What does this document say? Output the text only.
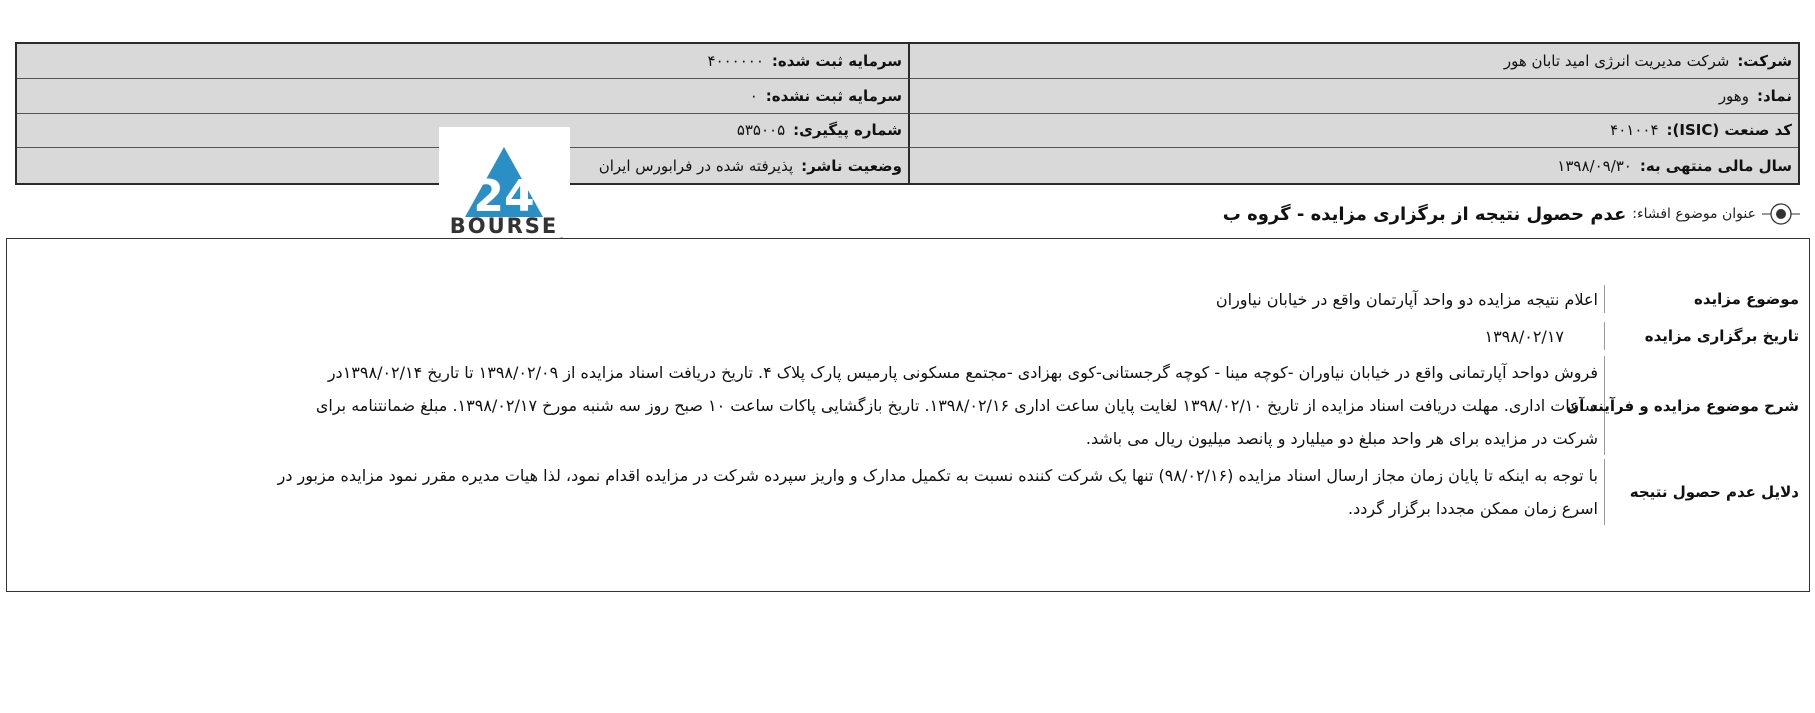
شرکت:
شرکت مدیریت انرژی امید تابان هور
سرمایه ثبت شده:
۴۰۰۰۰۰۰
نماد:
وهور
سرمایه ثبت نشده:
۰
کد صنعت (ISIC):
۴۰۱۰۰۴
شماره پیگیری:
۵۳۵۰۰۵
سال مالی منتهی به:
۱۳۹۸/۰۹/۳۰
وضعیت ناشر:
پذیرفته شده در فرابورس ایران
24
BOURSE	عنوان موضوع افشاء:
عدم حصول نتیجه از برگزاری مزایده - گروه ب
موضوع مزایده
اعلام نتیجه مزایده دو واحد آپارتمان واقع در خیابان نیاوران
تاریخ برگزاری مزایده
۱۳۹۸/۰۲/۱۷
شرح موضوع مزایده و فرآیند آن
فروش دواحد آپارتمانی واقع در خیابان نیاوران -کوچه مینا - کوچه گرجستانی-کوی بهزادی -مجتمع مسکونی پارمیس پارک پلاک ۴. تاریخ دریافت اسناد مزایده از ۱۳۹۸/۰۲/۰۹ تا تاریخ ۱۳۹۸/۰۲/۱۴در
ساعات اداری. مهلت دریافت اسناد مزایده از تاریخ ۱۳۹۸/۰۲/۱۰ لغایت پایان ساعت اداری ۱۳۹۸/۰۲/۱۶. تاریخ بازگشایی پاکات ساعت ۱۰ صبح روز سه شنبه مورخ ۱۳۹۸/۰۲/۱۷. مبلغ ضمانتنامه برای
شرکت در مزایده برای هر واحد مبلغ دو میلیارد و پانصد میلیون ریال می باشد.
دلایل عدم حصول نتیجه
با توجه به اینکه تا پایان زمان مجاز ارسال اسناد مزایده (۹۸/۰۲/۱۶) تنها یک شرکت کننده نسبت به تکمیل مدارک و واریز سپرده شرکت در مزایده اقدام نمود، لذا هیات مدیره مقرر نمود مزایده مزبور در
اسرع زمان ممکن مجددا برگزار گردد.
